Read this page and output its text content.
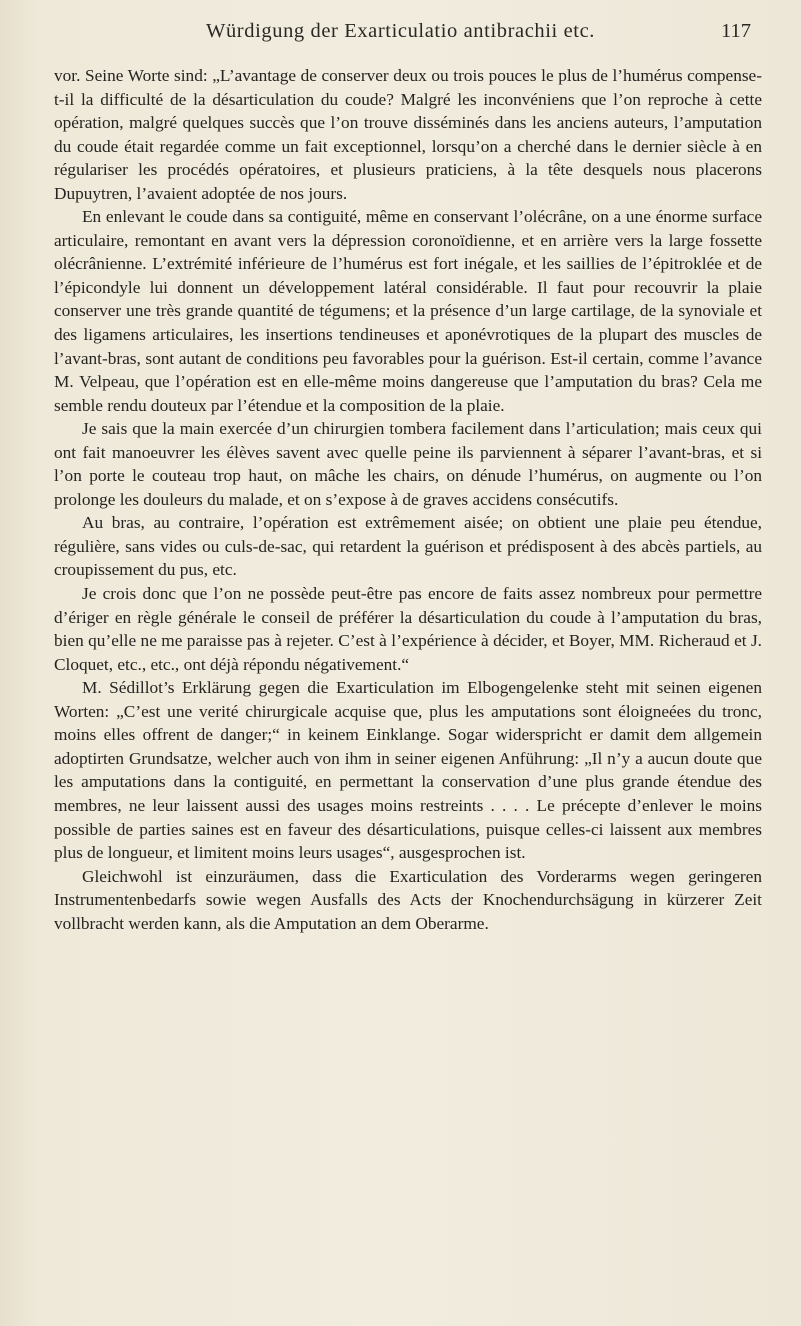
Würdigung der Exarticulatio antibrachii etc.	117

vor. Seine Worte sind: „L’avantage de conserver deux ou trois pouces le plus de l’humérus compense-t-il la difficulté de la désarticulation du coude? Malgré les inconvéniens que l’on reproche à cette opération, malgré quelques succès que l’on trouve disséminés dans les anciens auteurs, l’amputation du coude était regardée comme un fait exceptionnel, lorsqu’on a cherché dans le dernier siècle à en régulariser les procédés opératoires, et plusieurs praticiens, à la tête desquels nous placerons Dupuytren, l’avaient adoptée de nos jours.

En enlevant le coude dans sa contiguité, même en conservant l’olécrâne, on a une énorme surface articulaire, remontant en avant vers la dépression coronoïdienne, et en arrière vers la large fossette olécrânienne. L’extrémité inférieure de l’humérus est fort inégale, et les saillies de l’épitroklée et de l’épicondyle lui donnent un développement latéral considérable. Il faut pour recouvrir la plaie conserver une très grande quantité de tégumens; et la présence d’un large cartilage, de la synoviale et des ligamens articulaires, les insertions tendineuses et aponévrotiques de la plupart des muscles de l’avant-bras, sont autant de conditions peu favorables pour la guérison. Est-il certain, comme l’avance M. Velpeau, que l’opération est en elle-même moins dangereuse que l’amputation du bras? Cela me semble rendu douteux par l’étendue et la composition de la plaie.

Je sais que la main exercée d’un chirurgien tombera facilement dans l’articulation; mais ceux qui ont fait manoeuvrer les élèves savent avec quelle peine ils parviennent à séparer l’avant-bras, et si l’on porte le couteau trop haut, on mâche les chairs, on dénude l’humérus, on augmente ou l’on prolonge les douleurs du malade, et on s’expose à de graves accidens consécutifs.

Au bras, au contraire, l’opération est extrêmement aisée; on obtient une plaie peu étendue, régulière, sans vides ou culs-de-sac, qui retardent la guérison et prédisposent à des abcès partiels, au croupissement du pus, etc.

Je crois donc que l’on ne possède peut-être pas encore de faits assez nombreux pour permettre d’ériger en règle générale le conseil de préférer la désarticulation du coude à l’amputation du bras, bien qu’elle ne me paraisse pas à rejeter. C’est à l’expérience à décider, et Boyer, MM. Richeraud et J. Cloquet, etc., etc., ont déjà répondu négativement.“

M. Sédillot’s Erklärung gegen die Exarticulation im Elbogengelenke steht mit seinen eigenen Worten: „C’est une verité chirurgicale acquise que, plus les amputations sont éloigneées du tronc, moins elles offrent de danger;“ in keinem Einklange. Sogar widerspricht er damit dem allgemein adoptirten Grundsatze, welcher auch von ihm in seiner eigenen Anführung: „Il n’y a aucun doute que les amputations dans la contiguité, en permettant la conservation d’une plus grande étendue des membres, ne leur laissent aussi des usages moins restreints . . . . Le précepte d’enlever le moins possible de parties saines est en faveur des désarticulations, puisque celles-ci laissent aux membres plus de longueur, et limitent moins leurs usages“, ausgesprochen ist.

Gleichwohl ist einzuräumen, dass die Exarticulation des Vorderarms wegen geringeren Instrumentenbedarfs sowie wegen Ausfalls des Acts der Knochendurchsägung in kürzerer Zeit vollbracht werden kann, als die Amputation an dem Oberarme.
